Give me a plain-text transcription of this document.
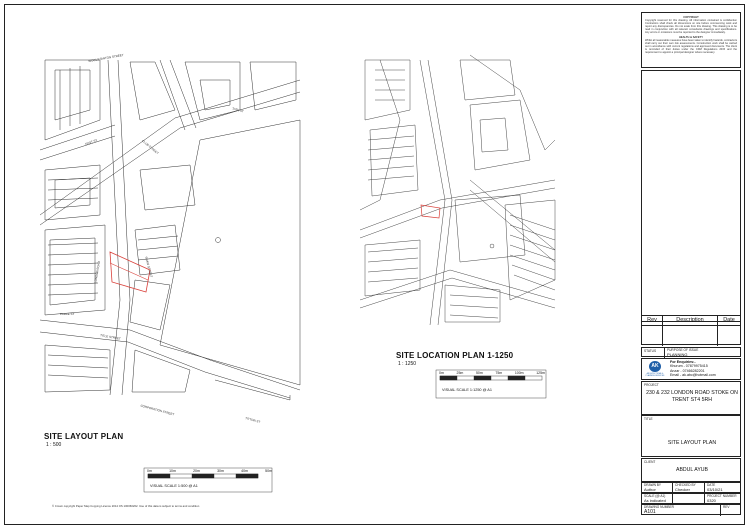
WOOLSTANTON STREET
EAST ST	CLUB STREET
LONDON ROAD	SHAW STREET
PARLE ST
TITLE STREET
CORPORATION STREET
TATE ST
TITTON ST
SITE LAYOUT PLAN
1 : 500
0m	10m	20m	30m	40m	50m
VISUAL SCALE 1:500 @ A1
© Crown copyright Paper Map Copying Licence 2014 OS 100060202. Use of this data is subject to terms and condition
SITE LOCATION PLAN 1-1250
1 : 1250
0m	25m	50m	75m	100m	125m
VISUAL SCALE 1:1250 @ A1
COPYRIGHT
Copyright reserved for this drawing. All information contained is confidential. Contractors shall check all dimensions on site before commencing work and report any discrepancies. Do not scale from this drawing. This drawing is to be read in conjunction with all relevant consultants drawings and specifications. Any errors or omissions must be reported to the designer immediately.
HEALTH & SAFETY
Whilst all reasonable measures have been taken to identify hazards, contractors shall carry out their own risk assessments. Construction work shall be carried out in accordance with current regulations and approved documents. The client is reminded of their duties under the CDM Regulations 2015 and the requirement to appoint a principal designer where necessary.
Rev	Description	Date
STATUS	PURPOSE OF ISSUE
PLANNING
AK
ARCHITECTURAL & PLANNING SERVICES
For Enquiries:-
Khurum - 07879975415
Anzar - 07466282201
Email - ak.abc@hotmail.com
PROJECT
230 & 232 LONDON ROAD STOKE ON TRENT ST4 5RH
TITLE
SITE LAYOUT PLAN
CLIENT
ABDUL AYUB
DRAWN BY
Author
CHECKED BY
Checker
DATE
03/10/21
SCALE (@ A1)
As indicated
PROJECT NUMBER
0320
DRAWING NUMBER
A101
REV
